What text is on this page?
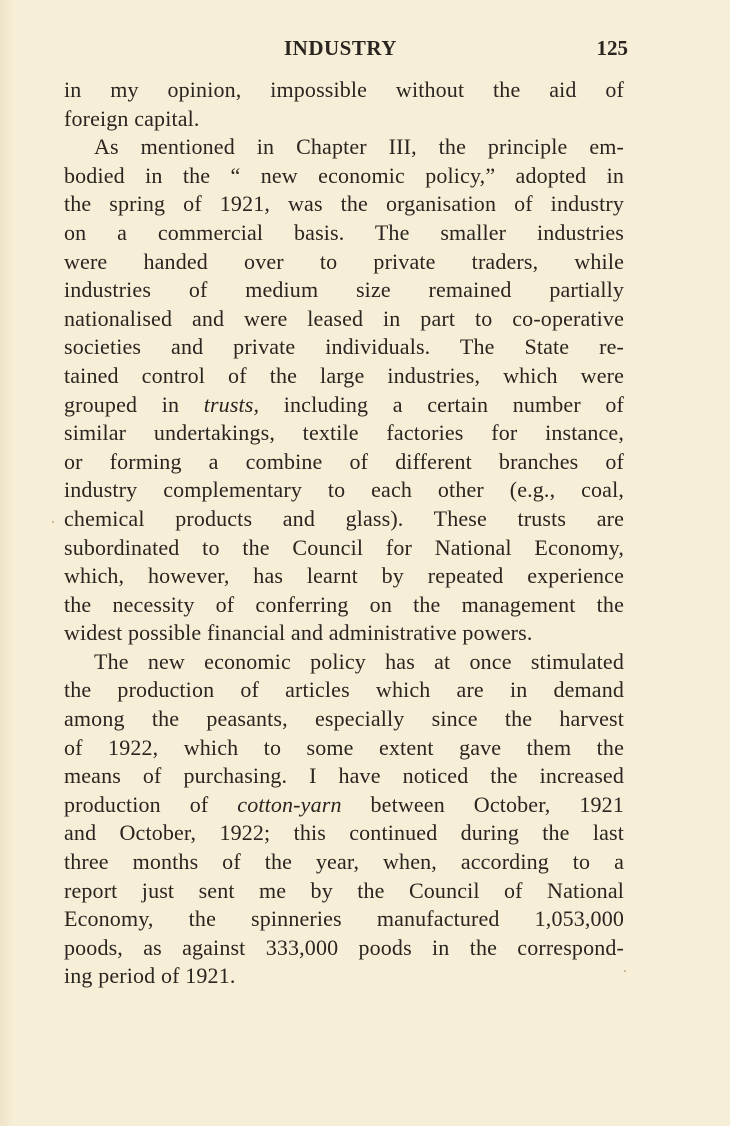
INDUSTRY	125
in my opinion, impossible without the aid of
foreign capital.
As mentioned in Chapter III, the principle em-
bodied in the “ new economic policy,” adopted in
the spring of 1921, was the organisation of industry
on a commercial basis. The smaller industries
were handed over to private traders, while
industries of medium size remained partially
nationalised and were leased in part to co-operative
societies and private individuals. The State re-
tained control of the large industries, which were
grouped in trusts, including a certain number of
similar undertakings, textile factories for instance,
or forming a combine of different branches of
industry complementary to each other (e.g., coal,
chemical products and glass). These trusts are
subordinated to the Council for National Economy,
which, however, has learnt by repeated experience
the necessity of conferring on the management the
widest possible financial and administrative powers.
The new economic policy has at once stimulated
the production of articles which are in demand
among the peasants, especially since the harvest
of 1922, which to some extent gave them the
means of purchasing. I have noticed the increased
production of cotton-yarn between October, 1921
and October, 1922; this continued during the last
three months of the year, when, according to a
report just sent me by the Council of National
Economy, the spinneries manufactured 1,053,000
poods, as against 333,000 poods in the correspond-
ing period of 1921.
